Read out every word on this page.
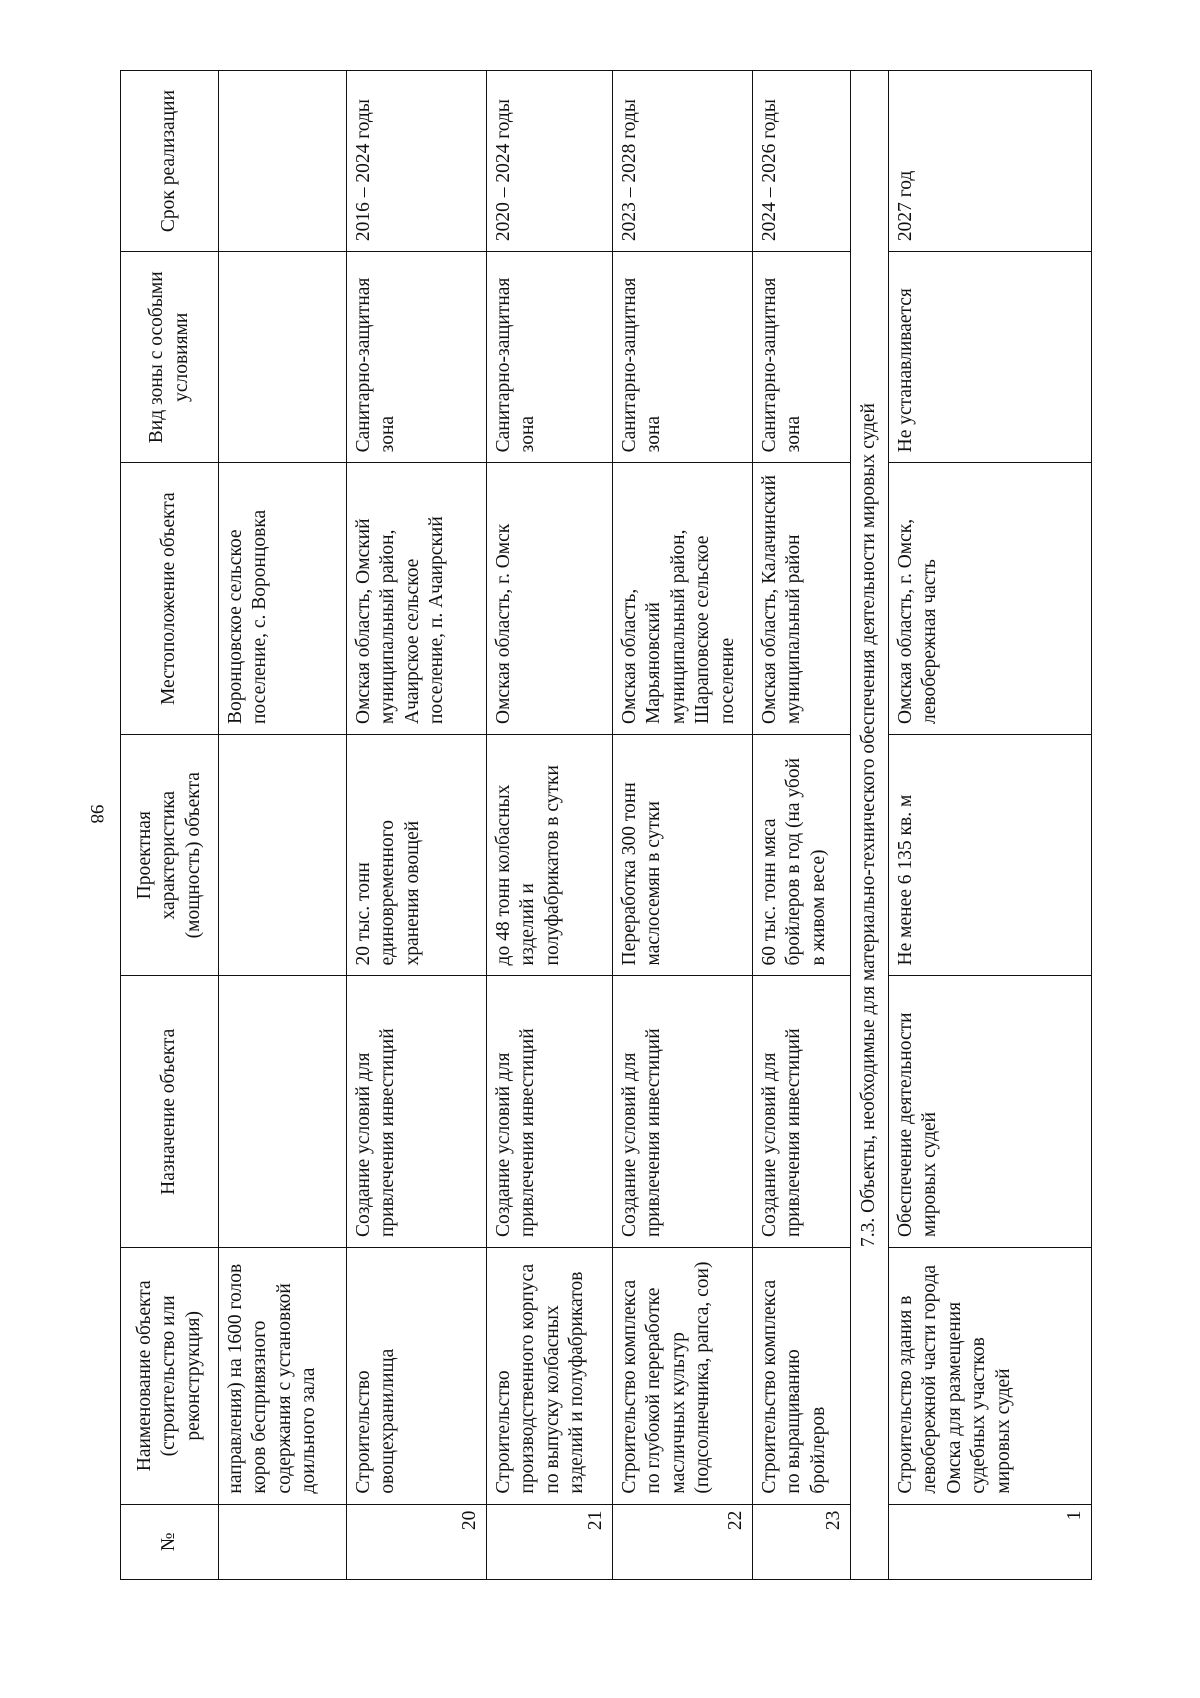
98
№	Наименование объекта (строительство или реконструкция)	Назначение объекта	Проектная характеристика (мощность) объекта	Местоположение объекта	Вид зоны с особыми условиями	Срок реализации
	направления) на 1600 голов коров беспривязного содержания с установкой доильного зала			Воронцовское сельское поселение, с. Воронцовка		
20	Строительство овощехранилища	Создание условий для привлечения инвестиций	20 тыс. тонн единовременного хранения овощей	Омская область, Омский муниципальный район, Ачаирское сельское поселение, п. Ачаирский	Санитарно-защитная зона	2016 – 2024 годы
21	Строительство производственного корпуса по выпуску колбасных изделий и полуфабрикатов	Создание условий для привлечения инвестиций	до 48 тонн колбасных изделий и полуфабрикатов в сутки	Омская область, г. Омск	Санитарно-защитная зона	2020 – 2024 годы
22	Строительство комплекса по глубокой переработке масличных культур (подсолнечника, рапса, сои)	Создание условий для привлечения инвестиций	Переработка 300 тонн маслосемян в сутки	Омская область, Марьяновский муниципальный район, Шараповское сельское поселение	Санитарно-защитная зона	2023 – 2028 годы
23	Строительство комплекса по выращиванию бройлеров	Создание условий для привлечения инвестиций	60 тыс. тонн мяса бройлеров в год (на убой в живом весе)	Омская область, Калачинский муниципальный район	Санитарно-защитная зона	2024 – 2026 годы
7.3. Объекты, необходимые для материально-технического обеспечения деятельности мировых судей						
1	Строительство здания в левобережной части города Омска для размещения судебных участков мировых судей	Обеспечение деятельности мировых судей	Не менее 6 135 кв. м	Омская область, г. Омск, левобережная часть	Не устанавливается	2027 год
